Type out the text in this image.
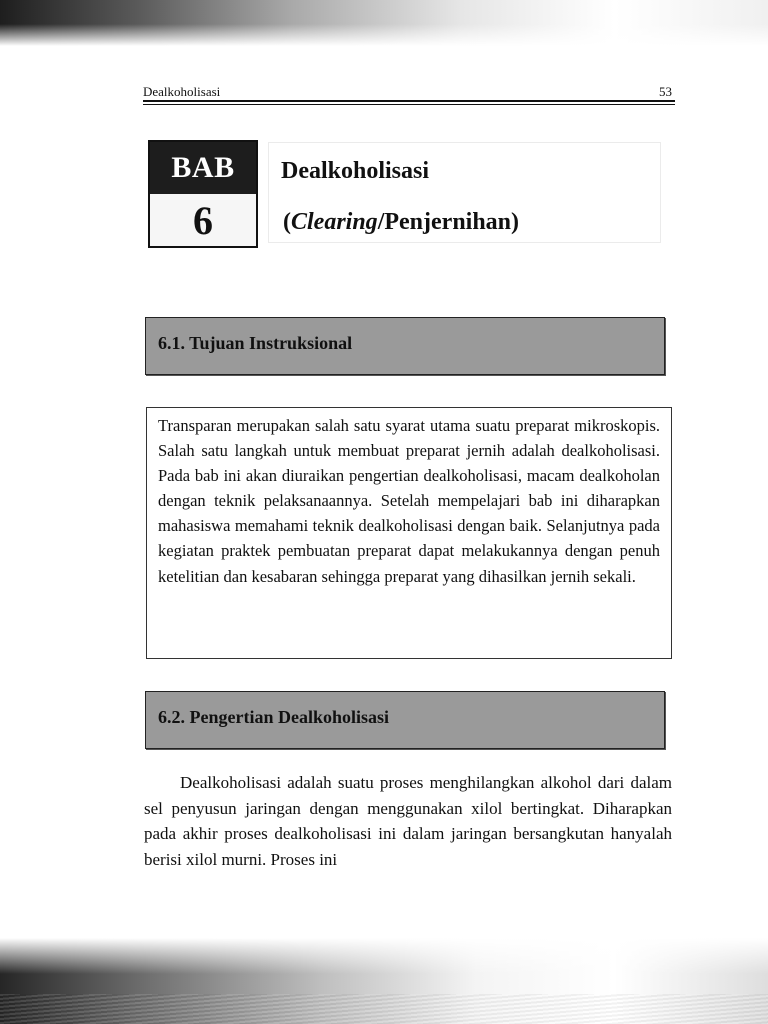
Dealkoholisasi	53
BAB
6
Dealkoholisasi
(Clearing/Penjernihan)
6.1. Tujuan Instruksional
Transparan merupakan salah satu syarat utama suatu preparat mikroskopis. Salah satu langkah untuk membuat preparat jernih adalah dealkoholisasi. Pada bab ini akan diuraikan pengertian dealkoholisasi, macam dealkoholan dengan teknik pelaksanaannya. Setelah mempelajari bab ini diharapkan mahasiswa memahami teknik dealkoholisasi dengan baik. Selanjutnya pada kegiatan praktek pembuatan preparat dapat melakukannya dengan penuh ketelitian dan kesabaran sehingga preparat yang dihasilkan jernih sekali.
6.2. Pengertian Dealkoholisasi
Dealkoholisasi adalah suatu proses menghilangkan alkohol dari dalam sel penyusun jaringan dengan menggunakan xilol bertingkat. Diharapkan pada akhir proses dealkoholisasi ini dalam jaringan bersangkutan hanyalah berisi xilol murni. Proses ini
